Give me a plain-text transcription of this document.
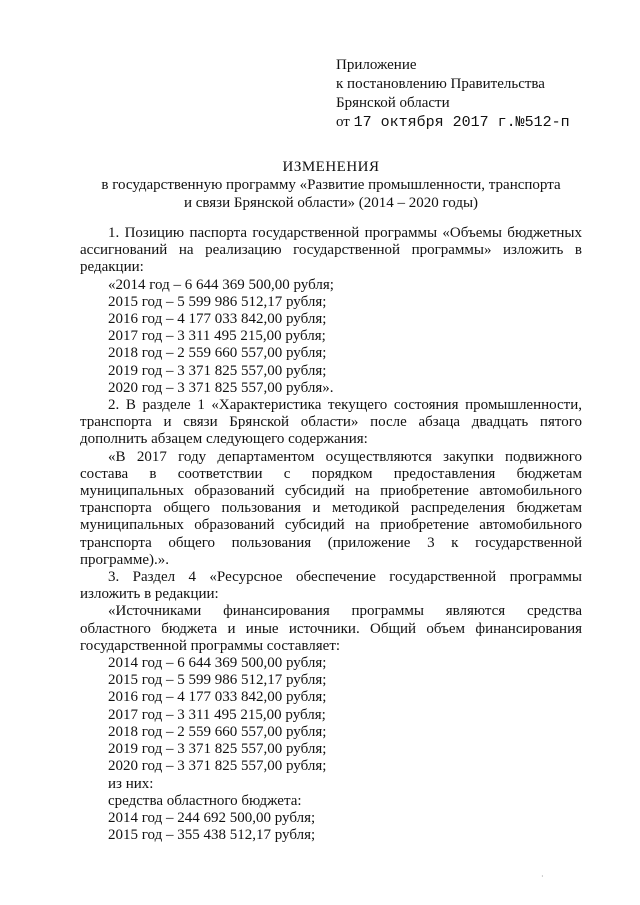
Приложение
к постановлению Правительства
Брянской области
от 17 октября 2017 г.№512-п
ИЗМЕНЕНИЯ
в государственную программу «Развитие промышленности, транспорта
и связи Брянской области» (2014 – 2020 годы)

1. Позицию паспорта государственной программы «Объемы бюджетных ассигнований на реализацию государственной программы» изложить в редакции:

«2014 год – 6 644 369 500,00 рубля;

2015 год – 5 599 986 512,17 рубля;

2016 год – 4 177 033 842,00 рубля;

2017 год – 3 311 495 215,00 рубля;

2018 год – 2 559 660 557,00 рубля;

2019 год – 3 371 825 557,00 рубля;

2020 год – 3 371 825 557,00 рубля».

2. В разделе 1 «Характеристика текущего состояния промышленности, транспорта и связи Брянской области» после абзаца двадцать пятого дополнить абзацем следующего содержания:

«В 2017 году департаментом осуществляются закупки подвижного состава в соответствии с порядком предоставления бюджетам муниципальных образований субсидий на приобретение автомобильного транспорта общего пользования и методикой распределения бюджетам муниципальных образований субсидий на приобретение автомобильного транспорта общего пользования (приложение 3 к государственной программе).».

3. Раздел 4 «Ресурсное обеспечение государственной программы изложить в редакции:

«Источниками финансирования программы являются средства областного бюджета и иные источники. Общий объем финансирования государственной программы составляет:

2014 год – 6 644 369 500,00 рубля;

2015 год – 5 599 986 512,17 рубля;

2016 год – 4 177 033 842,00 рубля;

2017 год – 3 311 495 215,00 рубля;

2018 год – 2 559 660 557,00 рубля;

2019 год – 3 371 825 557,00 рубля;

2020 год – 3 371 825 557,00 рубля;

из них:

средства областного бюджета:

2014 год – 244 692 500,00 рубля;

2015 год – 355 438 512,17 рубля;

·
